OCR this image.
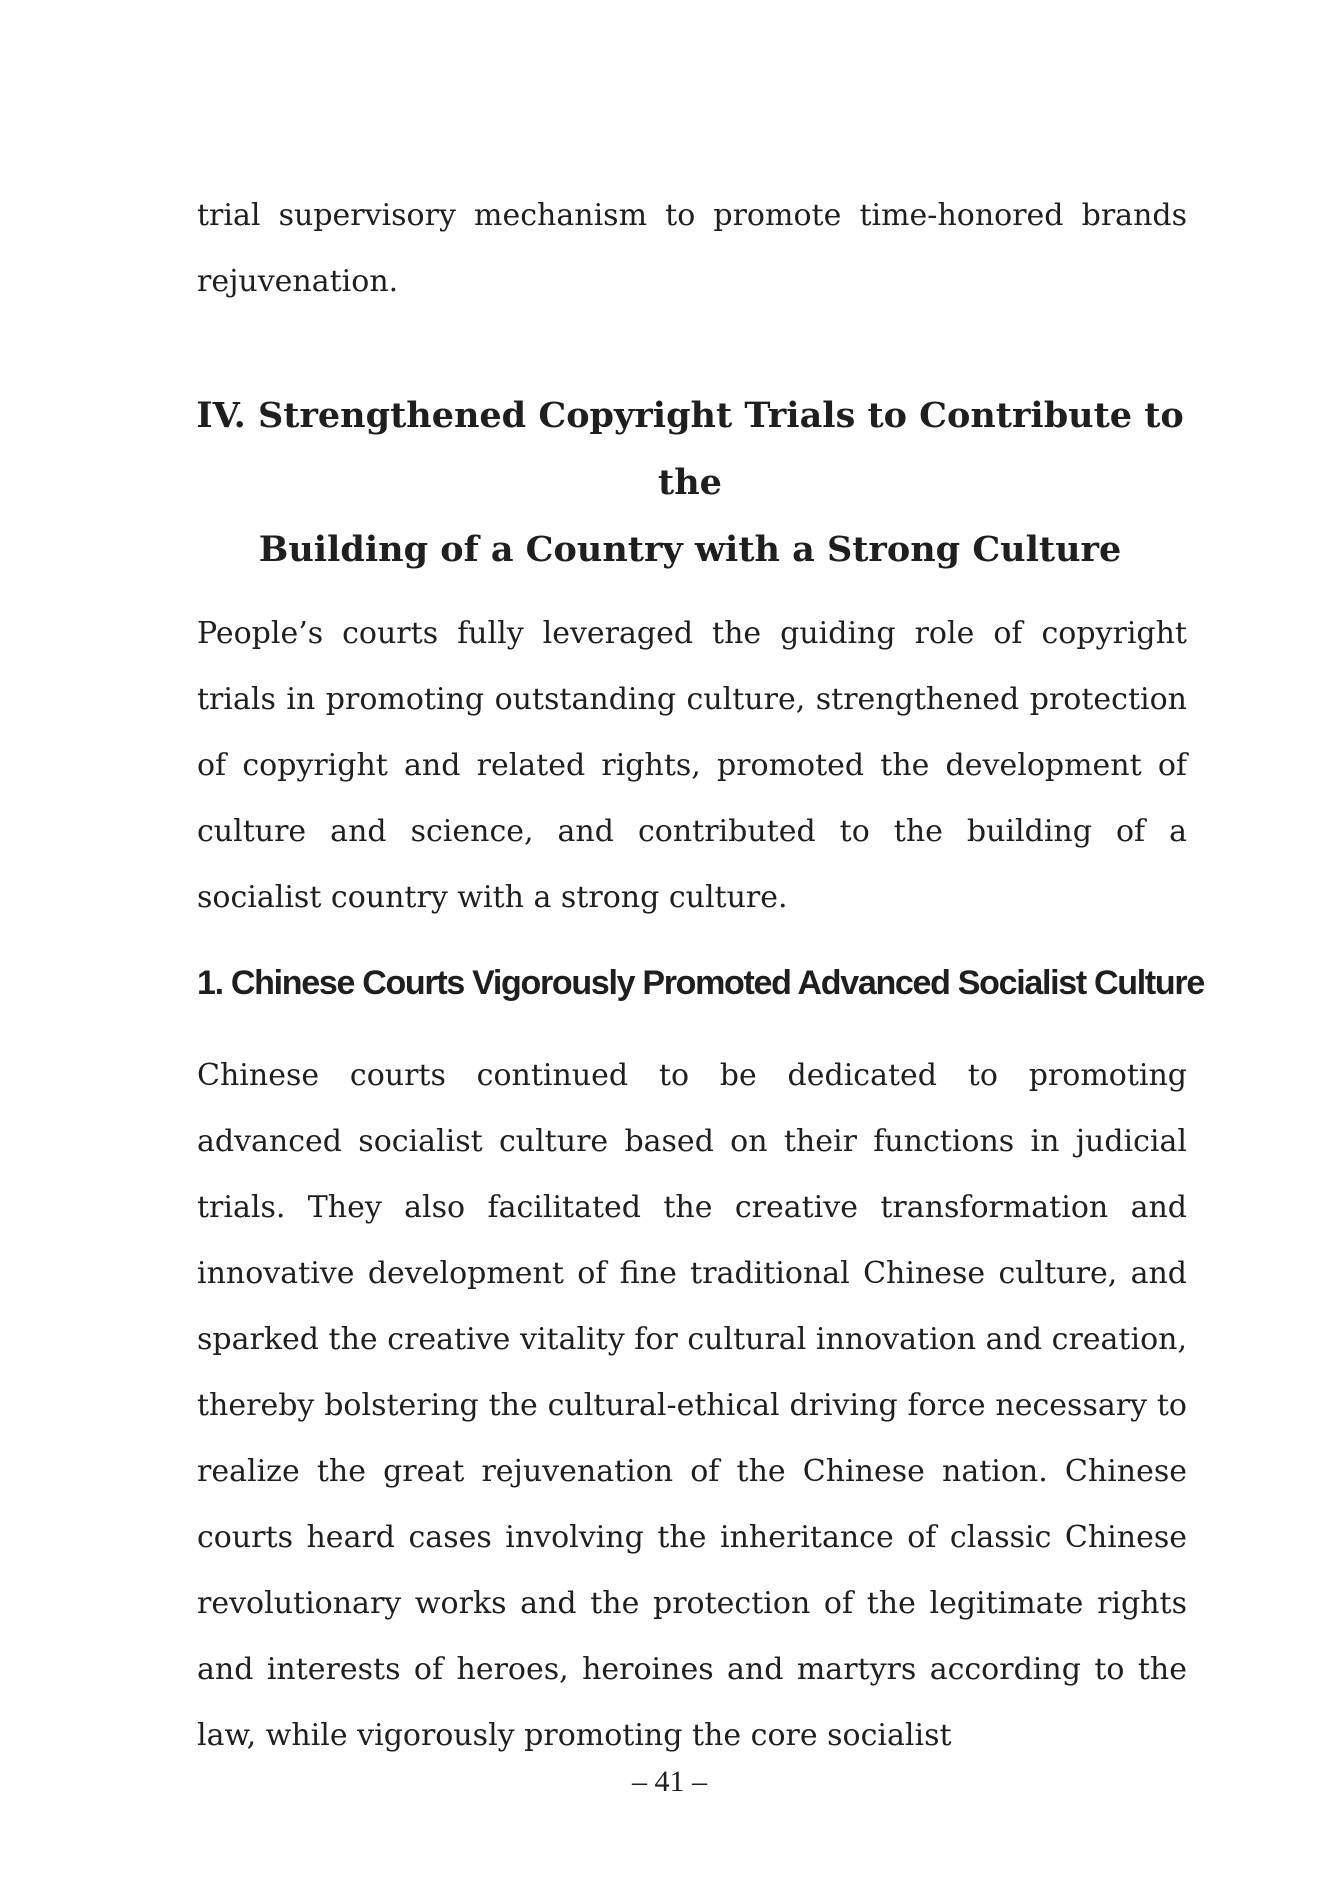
trial supervisory mechanism to promote time-honored brands rejuvenation.

IV. Strengthened Copyright Trials to Contribute to the
Building of a Country with a Strong Culture

People’s courts fully leveraged the guiding role of copyright trials in promoting outstanding culture, strengthened protection of copyright and related rights, promoted the development of culture and science, and contributed to the building of a socialist country with a strong culture.

1. Chinese Courts Vigorously Promoted Advanced Socialist Culture

Chinese courts continued to be dedicated to promoting advanced socialist culture based on their functions in judicial trials. They also facilitated the creative transformation and innovative development of fine traditional Chinese culture, and sparked the creative vitality for cultural innovation and creation, thereby bolstering the cultural-ethical driving force necessary to realize the great rejuvenation of the Chinese nation. Chinese courts heard cases involving the inheritance of classic Chinese revolutionary works and the protection of the legitimate rights and interests of heroes, heroines and martyrs according to the law, while vigorously promoting the core socialist

– 41 –
